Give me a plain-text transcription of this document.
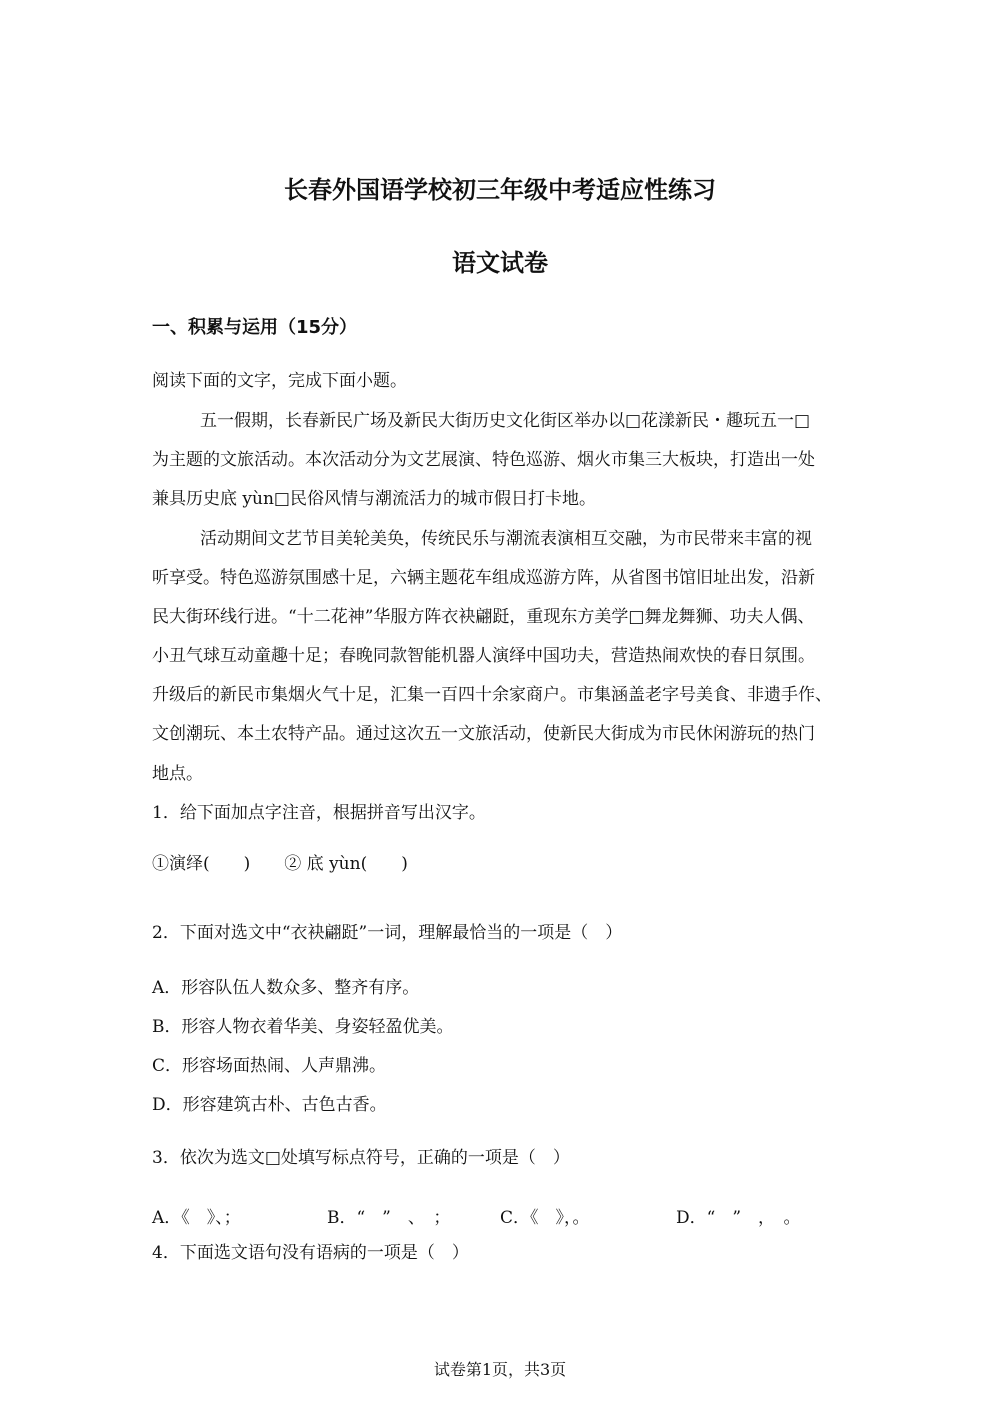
长春外国语学校初三年级中考适应性练习
语文试卷
一、积累与运用（15分）
阅读下面的文字，完成下面小题。
五一假期，长春新民广场及新民大街历史文化街区举办以□花漾新民・趣玩五一□
为主题的文旅活动。本次活动分为文艺展演、特色巡游、烟火市集三大板块，打造出一处
兼具历史底 yùn□民俗风情与潮流活力的城市假日打卡地。
活动期间文艺节目美轮美奂，传统民乐与潮流表演相互交融，为市民带来丰富的视
听享受。特色巡游氛围感十足，六辆主题花车组成巡游方阵，从省图书馆旧址出发，沿新
民大街环线行进。“十二花神”华服方阵衣袂翩跹，重现东方美学□舞龙舞狮、功夫人偶、
小丑气球互动童趣十足；春晚同款智能机器人演绎中国功夫，营造热闹欢快的春日氛围。
升级后的新民市集烟火气十足，汇集一百四十余家商户。市集涵盖老字号美食、非遗手作、
文创潮玩、本土农特产品。通过这次五一文旅活动，使新民大街成为市民休闲游玩的热门
地点。
1．给下面加点字注音，根据拼音写出汉字。
①演绎(　　)　　② 底 yùn(　　)
2．下面对选文中“衣袂翩跹”一词，理解最恰当的一项是（　）
A．形容队伍人数众多、整齐有序。
B．形容人物衣着华美、身姿轻盈优美。
C．形容场面热闹、人声鼎沸。
D．形容建筑古朴、古色古香。
3．依次为选文□处填写标点符号，正确的一项是（　）
A．《　》、；	B．“　”　、　；	C．《　》，。	D．“　”　，　。
4．下面选文语句没有语病的一项是（　）
试卷第1页，共3页
